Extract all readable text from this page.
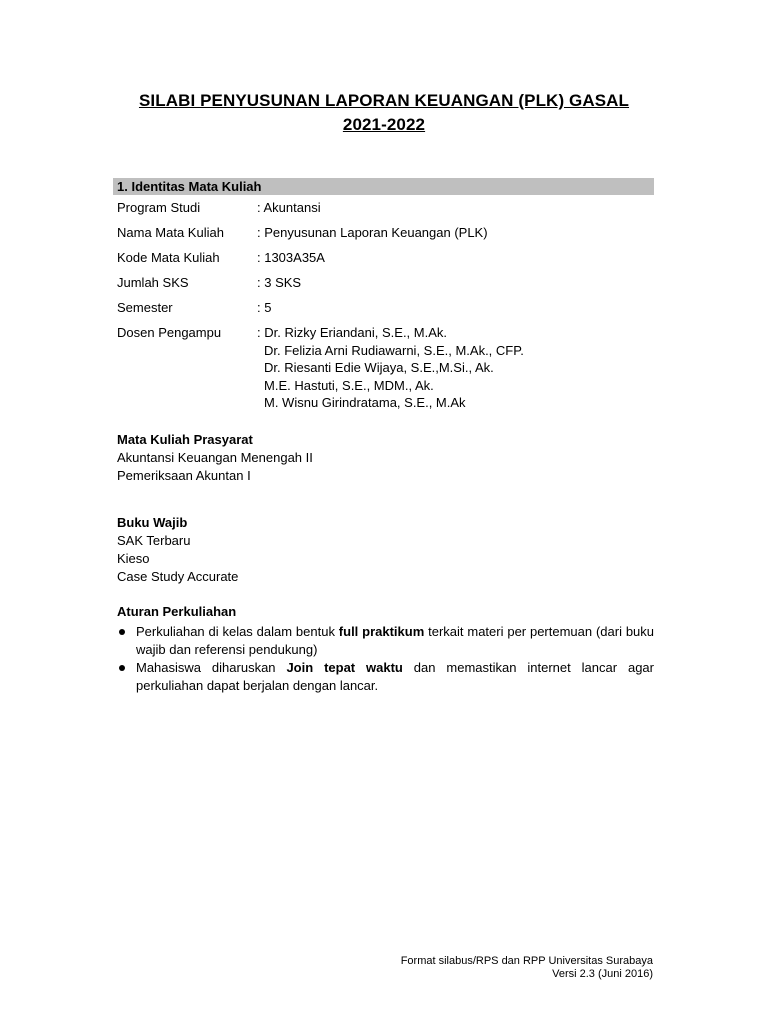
SILABI PENYUSUNAN LAPORAN KEUANGAN (PLK) GASAL
2021-2022
1. Identitas Mata Kuliah
Program Studi	: Akuntansi
Nama Mata Kuliah	: Penyusunan Laporan Keuangan (PLK)
Kode Mata Kuliah	: 1303A35A
Jumlah SKS	: 3 SKS
Semester	: 5
Dosen Pengampu	: Dr. Rizky Eriandani, S.E., M.Ak.
Dr. Felizia Arni Rudiawarni, S.E., M.Ak., CFP.
Dr. Riesanti Edie Wijaya, S.E.,M.Si., Ak.
M.E. Hastuti, S.E., MDM., Ak.
M. Wisnu Girindratama, S.E., M.Ak
Mata Kuliah Prasyarat
Akuntansi Keuangan Menengah II
Pemeriksaan Akuntan I
Buku Wajib
SAK Terbaru
Kieso
Case Study Accurate
Aturan Perkuliahan
Perkuliahan di kelas dalam bentuk full praktikum terkait materi per pertemuan (dari buku wajib dan referensi pendukung)
Mahasiswa diharuskan Join tepat waktu dan memastikan internet lancar agar perkuliahan dapat berjalan dengan lancar.
Format silabus/RPS dan RPP Universitas Surabaya
Versi 2.3 (Juni 2016)
